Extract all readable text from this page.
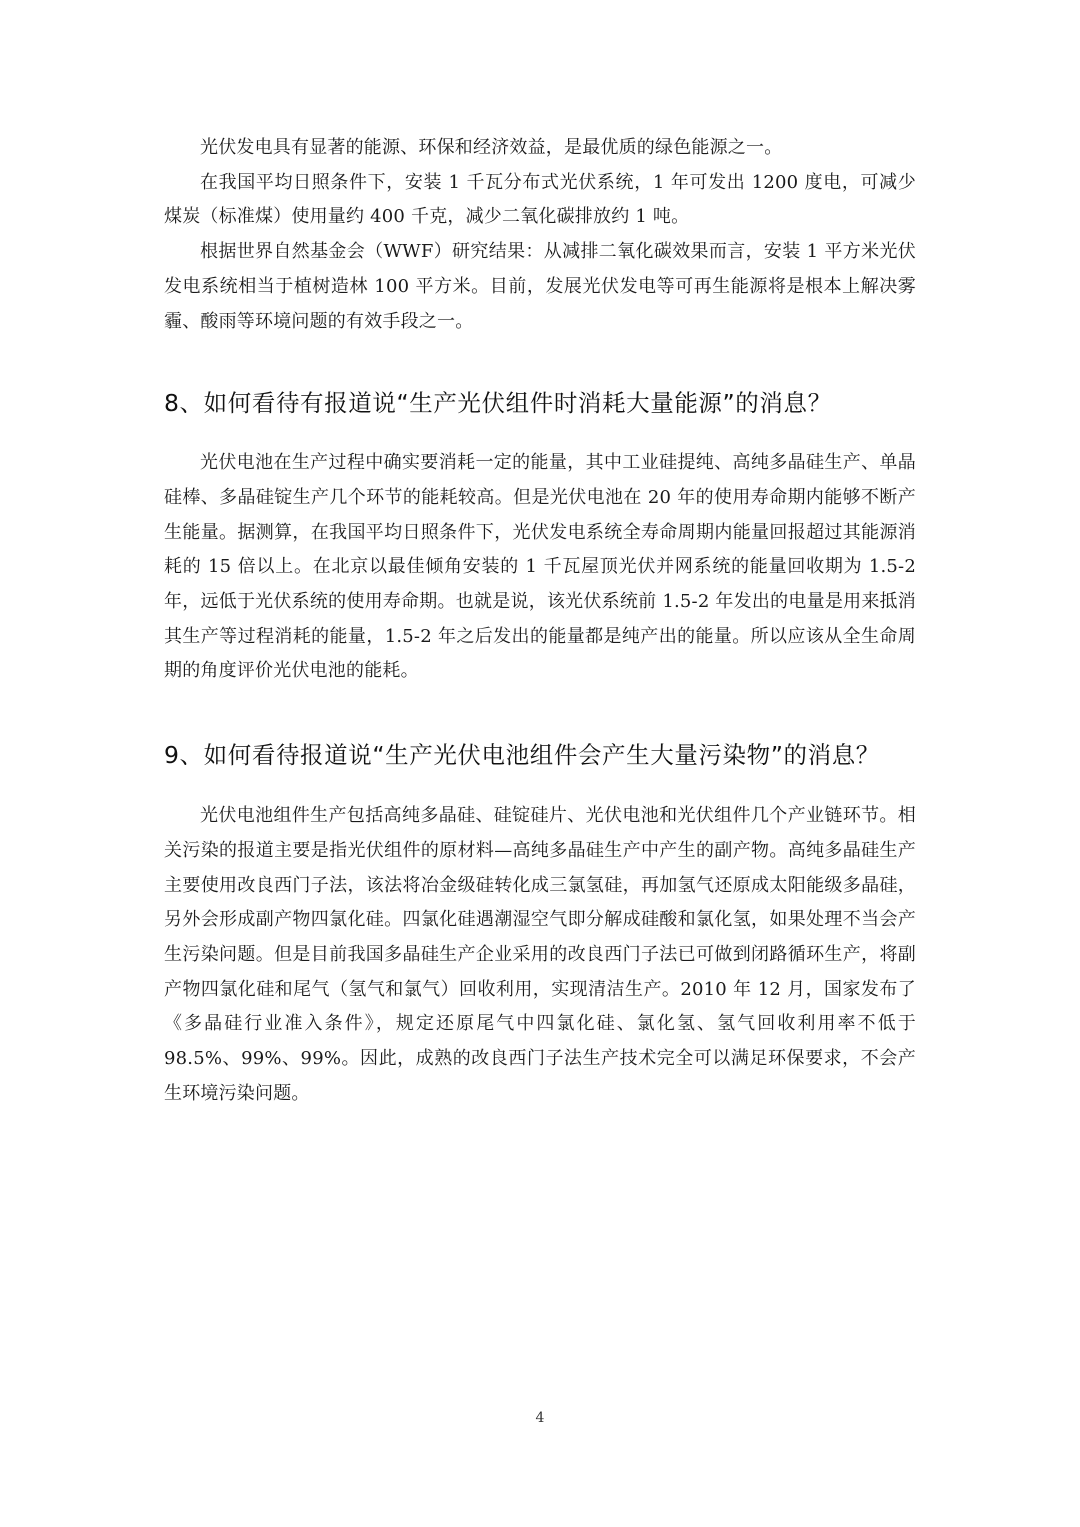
光伏发电具有显著的能源、环保和经济效益，是最优质的绿色能源之一。

在我国平均日照条件下，安装 1 千瓦分布式光伏系统，1 年可发出 1200 度电，可减少煤炭（标准煤）使用量约 400 千克，减少二氧化碳排放约 1 吨。

根据世界自然基金会（WWF）研究结果：从减排二氧化碳效果而言，安装 1 平方米光伏发电系统相当于植树造林 100 平方米。目前，发展光伏发电等可再生能源将是根本上解决雾霾、酸雨等环境问题的有效手段之一。

8、如何看待有报道说“生产光伏组件时消耗大量能源”的消息？

光伏电池在生产过程中确实要消耗一定的能量，其中工业硅提纯、高纯多晶硅生产、单晶硅棒、多晶硅锭生产几个环节的能耗较高。但是光伏电池在 20 年的使用寿命期内能够不断产生能量。据测算，在我国平均日照条件下，光伏发电系统全寿命周期内能量回报超过其能源消耗的 15 倍以上。在北京以最佳倾角安装的 1 千瓦屋顶光伏并网系统的能量回收期为 1.5-2 年，远低于光伏系统的使用寿命期。也就是说，该光伏系统前 1.5-2 年发出的电量是用来抵消其生产等过程消耗的能量，1.5-2 年之后发出的能量都是纯产出的能量。所以应该从全生命周期的角度评价光伏电池的能耗。

9、如何看待报道说“生产光伏电池组件会产生大量污染物”的消息？

光伏电池组件生产包括高纯多晶硅、硅锭硅片、光伏电池和光伏组件几个产业链环节。相关污染的报道主要是指光伏组件的原材料—高纯多晶硅生产中产生的副产物。高纯多晶硅生产主要使用改良西门子法，该法将冶金级硅转化成三氯氢硅，再加氢气还原成太阳能级多晶硅，另外会形成副产物四氯化硅。四氯化硅遇潮湿空气即分解成硅酸和氯化氢，如果处理不当会产生污染问题。但是目前我国多晶硅生产企业采用的改良西门子法已可做到闭路循环生产，将副产物四氯化硅和尾气（氢气和氯气）回收利用，实现清洁生产。2010 年 12 月，国家发布了《多晶硅行业准入条件》，规定还原尾气中四氯化硅、氯化氢、氢气回收利用率不低于 98.5%、99%、99%。因此，成熟的改良西门子法生产技术完全可以满足环保要求，不会产生环境污染问题。

4
